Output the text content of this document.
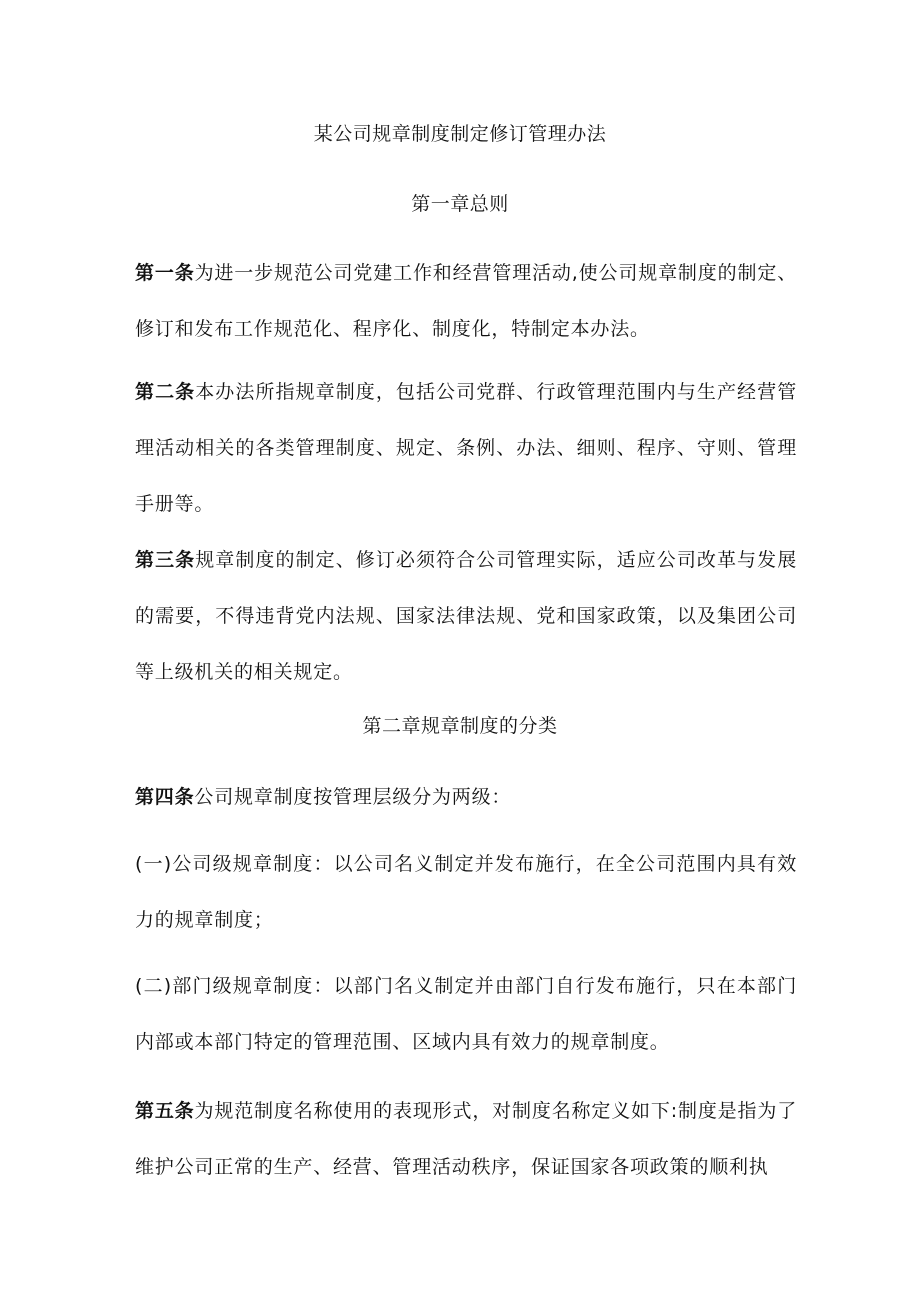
某公司规章制度制定修订管理办法
第一章总则
第一条为进一步规范公司党建工作和经营管理活动,使公司规章制度的制定、修订和发布工作规范化、程序化、制度化，特制定本办法。
第二条本办法所指规章制度，包括公司党群、行政管理范围内与生产经营管理活动相关的各类管理制度、规定、条例、办法、细则、程序、守则、管理手册等。
第三条规章制度的制定、修订必须符合公司管理实际，适应公司改革与发展的需要，不得违背党内法规、国家法律法规、党和国家政策，以及集团公司等上级机关的相关规定。
第二章规章制度的分类
第四条公司规章制度按管理层级分为两级：
(一)公司级规章制度：以公司名义制定并发布施行，在全公司范围内具有效力的规章制度；
(二)部门级规章制度：以部门名义制定并由部门自行发布施行，只在本部门内部或本部门特定的管理范围、区域内具有效力的规章制度。
第五条为规范制度名称使用的表现形式，对制度名称定义如下:制度是指为了维护公司正常的生产、经营、管理活动秩序，保证国家各项政策的顺利执
